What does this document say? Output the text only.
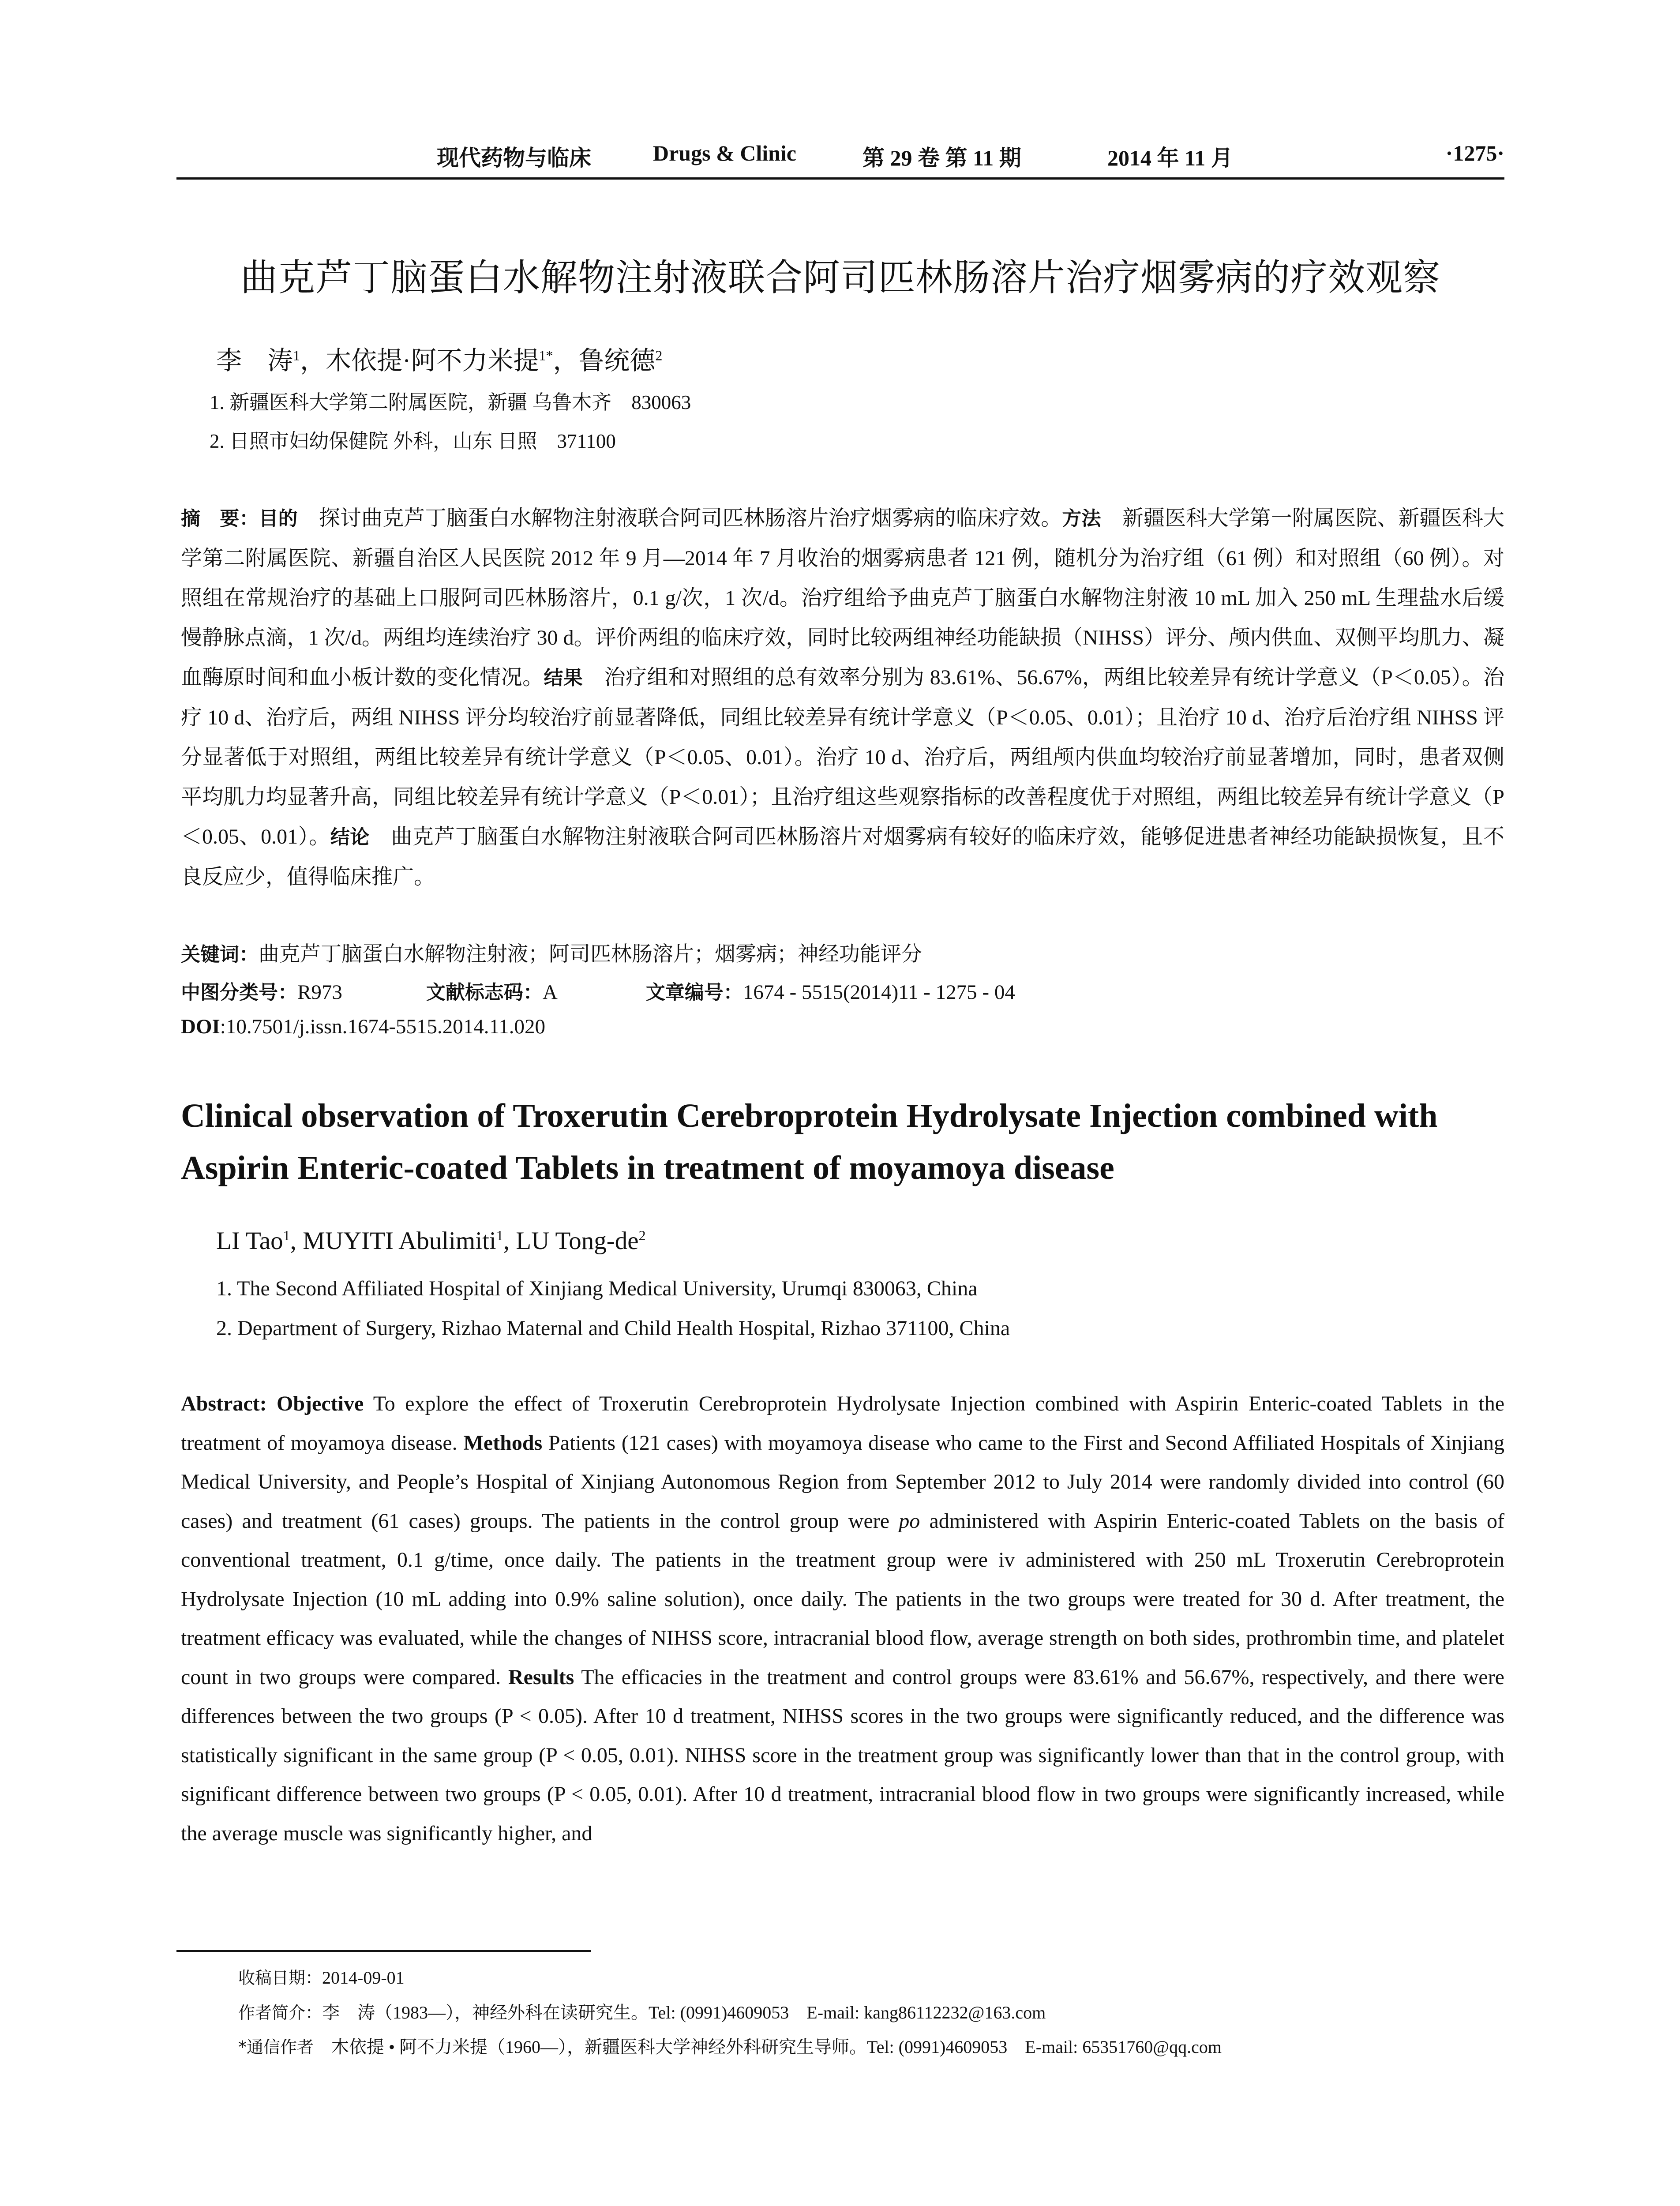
现代药物与临床	Drugs & Clinic	第 29 卷 第 11 期	2014 年 11 月	·1275·
曲克芦丁脑蛋白水解物注射液联合阿司匹林肠溶片治疗烟雾病的疗效观察
李　涛$^1$，木依提·阿不力米提$^{1*}$，鲁统德$^2$
1. 新疆医科大学第二附属医院，新疆 乌鲁木齐　830063
2. 日照市妇幼保健院 外科，山东 日照　371100
摘　要：目的　探讨曲克芦丁脑蛋白水解物注射液联合阿司匹林肠溶片治疗烟雾病的临床疗效。方法　新疆医科大学第一附属医院、新疆医科大学第二附属医院、新疆自治区人民医院 2012 年 9 月—2014 年 7 月收治的烟雾病患者 121 例，随机分为治疗组（61 例）和对照组（60 例）。对照组在常规治疗的基础上口服阿司匹林肠溶片，0.1 g/次，1 次/d。治疗组给予曲克芦丁脑蛋白水解物注射液 10 mL 加入 250 mL 生理盐水后缓慢静脉点滴，1 次/d。两组均连续治疗 30 d。评价两组的临床疗效，同时比较两组神经功能缺损（NIHSS）评分、颅内供血、双侧平均肌力、凝血酶原时间和血小板计数的变化情况。结果　治疗组和对照组的总有效率分别为 83.61%、56.67%，两组比较差异有统计学意义（P＜0.05）。治疗 10 d、治疗后，两组 NIHSS 评分均较治疗前显著降低，同组比较差异有统计学意义（P＜0.05、0.01）；且治疗 10 d、治疗后治疗组 NIHSS 评分显著低于对照组，两组比较差异有统计学意义（P＜0.05、0.01）。治疗 10 d、治疗后，两组颅内供血均较治疗前显著增加，同时，患者双侧平均肌力均显著升高，同组比较差异有统计学意义（P＜0.01）；且治疗组这些观察指标的改善程度优于对照组，两组比较差异有统计学意义（P＜0.05、0.01）。结论　曲克芦丁脑蛋白水解物注射液联合阿司匹林肠溶片对烟雾病有较好的临床疗效，能够促进患者神经功能缺损恢复，且不良反应少，值得临床推广。
关键词：曲克芦丁脑蛋白水解物注射液；阿司匹林肠溶片；烟雾病；神经功能评分
中图分类号：R973	文献标志码：A	文章编号：1674 - 5515(2014)11 - 1275 - 04
DOI:10.7501/j.issn.1674-5515.2014.11.020
Clinical observation of Troxerutin Cerebroprotein Hydrolysate Injection combined with Aspirin Enteric-coated Tablets in treatment of moyamoya disease
LI Tao$^1$, MUYITI Abulimiti$^1$, LU Tong-$de^2$
1. The Second Affiliated Hospital of Xinjiang Medical University, Urumqi 830063, China
2. Department of Surgery, Rizhao Maternal and Child Health Hospital, Rizhao 371100, China
Abstract: Objective To explore the effect of Troxerutin Cerebroprotein Hydrolysate Injection combined with Aspirin Enteric-coated Tablets in the treatment of moyamoya disease. Methods Patients (121 cases) with moyamoya disease who came to the First and Second Affiliated Hospitals of Xinjiang Medical University, and People’s Hospital of Xinjiang Autonomous Region from September 2012 to July 2014 were randomly divided into control (60 cases) and treatment (61 cases) groups. The patients in the control group were po administered with Aspirin Enteric-coated Tablets on the basis of conventional treatment, 0.1 g/time, once daily. The patients in the treatment group were iv administered with 250 mL Troxerutin Cerebroprotein Hydrolysate Injection (10 mL adding into 0.9% saline solution), once daily. The patients in the two groups were treated for 30 d. After treatment, the treatment efficacy was evaluated, while the changes of NIHSS score, intracranial blood flow, average strength on both sides, prothrombin time, and platelet count in two groups were compared. Results The efficacies in the treatment and control groups were 83.61% and 56.67%, respectively, and there were differences between the two groups (P < 0.05). After 10 d treatment, NIHSS scores in the two groups were significantly reduced, and the difference was statistically significant in the same group (P < 0.05, 0.01). NIHSS score in the treatment group was significantly lower than that in the control group, with significant difference between two groups (P < 0.05, 0.01). After 10 d treatment, intracranial blood flow in two groups were significantly increased, while the average muscle was significantly higher, and
收稿日期：2014-09-01
作者简介：李　涛（1983—），神经外科在读研究生。Tel: (0991)4609053　E-mail: kang86112232@163.com
*通信作者　木依提 • 阿不力米提（1960—），新疆医科大学神经外科研究生导师。Tel: (0991)4609053　E-mail: 65351760@qq.com
